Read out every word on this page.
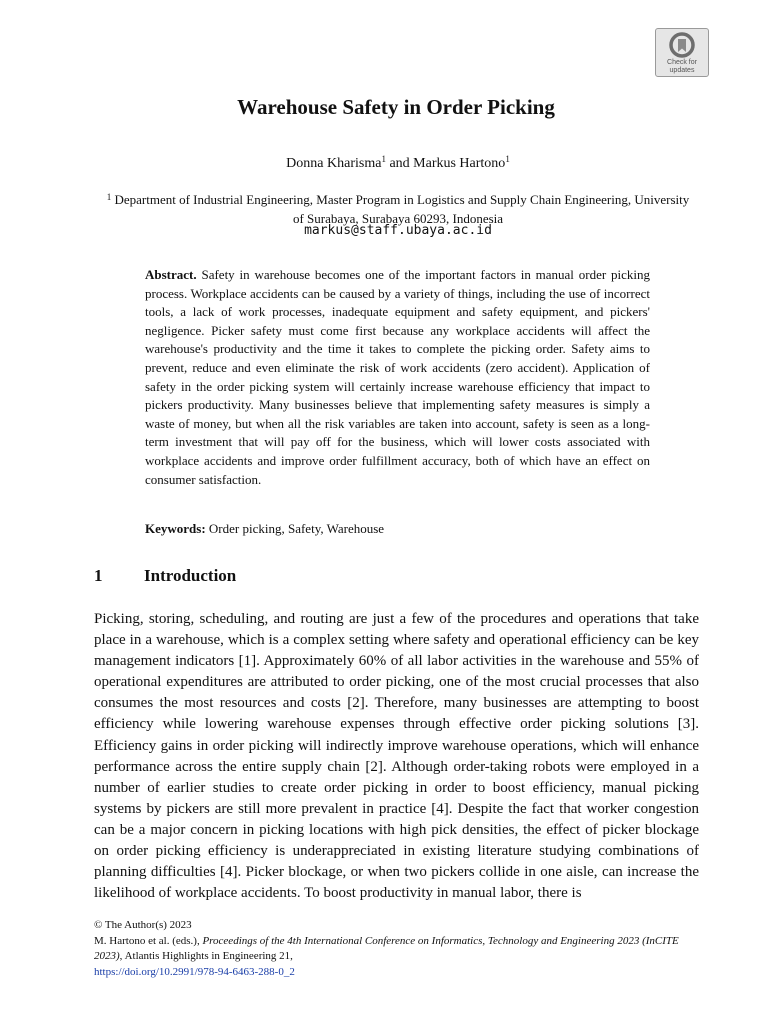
Check for
updates
Warehouse Safety in Order Picking

Donna Kharisma$^1$ and Markus Hartono$^1$

$^1$ Department of Industrial Engineering, Master Program in Logistics and Supply Chain Engineering, University of Surabaya, Surabaya 60293, Indonesia

markus@staff.ubaya.ac.id

Abstract. Safety in warehouse becomes one of the important factors in manual order picking process. Workplace accidents can be caused by a variety of things, including the use of incorrect tools, a lack of work processes, inadequate equipment and safety equipment, and pickers' negligence. Picker safety must come first because any workplace accidents will affect the warehouse's productivity and the time it takes to complete the picking order. Safety aims to prevent, reduce and even eliminate the risk of work accidents (zero accident). Application of safety in the order picking system will certainly increase warehouse efficiency that impact to pickers productivity. Many businesses believe that implementing safety measures is simply a waste of money, but when all the risk variables are taken into account, safety is seen as a long-term investment that will pay off for the business, which will lower costs associated with workplace accidents and improve order fulfillment accuracy, both of which have an effect on consumer satisfaction.

Keywords: Order picking, Safety, Warehouse

1 Introduction

Picking, storing, scheduling, and routing are just a few of the procedures and operations that take place in a warehouse, which is a complex setting where safety and operational efficiency can be key management indicators [1]. Approximately 60% of all labor activities in the warehouse and 55% of operational expenditures are attributed to order picking, one of the most crucial processes that also consumes the most resources and costs [2]. Therefore, many businesses are attempting to boost efficiency while lowering warehouse expenses through effective order picking solutions [3]. Efficiency gains in order picking will indirectly improve warehouse operations, which will enhance performance across the entire supply chain [2]. Although order-taking robots were employed in a number of earlier studies to create order picking in order to boost efficiency, manual picking systems by pickers are still more prevalent in practice [4]. Despite the fact that worker congestion can be a major concern in picking locations with high pick densities, the effect of picker blockage on order picking efficiency is underappreciated in existing literature studying combinations of planning difficulties [4]. Picker blockage, or when two pickers collide in one aisle, can increase the likelihood of workplace accidents. To boost productivity in manual labor, there is

© The Author(s) 2023
M. Hartono et al. (eds.), Proceedings of the 4th International Conference on Informatics, Technology and Engineering 2023 (InCITE 2023), Atlantis Highlights in Engineering 21,
https://doi.org/10.2991/978-94-6463-288-0_2
